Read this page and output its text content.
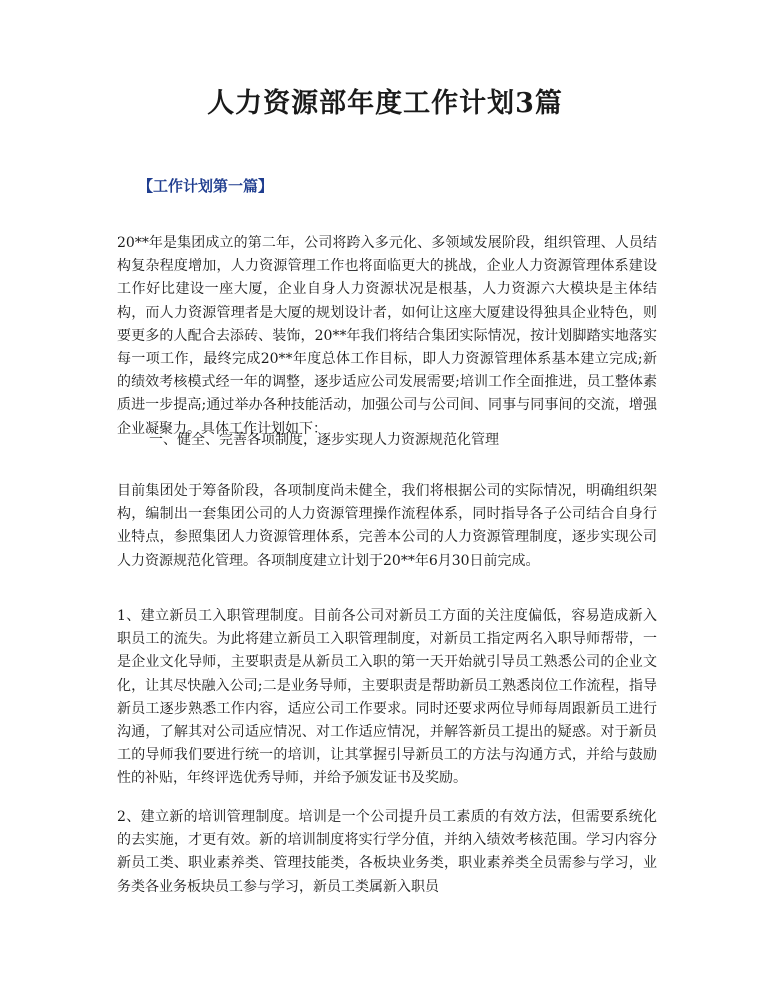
人力资源部年度工作计划3篇
【工作计划第一篇】

20**年是集团成立的第二年，公司将跨入多元化、多领域发展阶段，组织管理、人员结构复杂程度增加，人力资源管理工作也将面临更大的挑战，企业人力资源管理体系建设工作好比建设一座大厦，企业自身人力资源状况是根基，人力资源六大模块是主体结构，而人力资源管理者是大厦的规划设计者，如何让这座大厦建设得独具企业特色，则要更多的人配合去添砖、装饰，20**年我们将结合集团实际情况，按计划脚踏实地落实每一项工作，最终完成20**年度总体工作目标，即人力资源管理体系基本建立完成;新的绩效考核模式经一年的调整，逐步适应公司发展需要;培训工作全面推进，员工整体素质进一步提高;通过举办各种技能活动，加强公司与公司间、同事与同事间的交流，增强企业凝聚力。具体工作计划如下：

一、健全、完善各项制度，逐步实现人力资源规范化管理

目前集团处于筹备阶段，各项制度尚未健全，我们将根据公司的实际情况，明确组织架构，编制出一套集团公司的人力资源管理操作流程体系，同时指导各子公司结合自身行业特点，参照集团人力资源管理体系，完善本公司的人力资源管理制度，逐步实现公司人力资源规范化管理。各项制度建立计划于20**年6月30日前完成。

1、建立新员工入职管理制度。目前各公司对新员工方面的关注度偏低，容易造成新入职员工的流失。为此将建立新员工入职管理制度，对新员工指定两名入职导师帮带，一是企业文化导师，主要职责是从新员工入职的第一天开始就引导员工熟悉公司的企业文化，让其尽快融入公司;二是业务导师，主要职责是帮助新员工熟悉岗位工作流程，指导新员工逐步熟悉工作内容，适应公司工作要求。同时还要求两位导师每周跟新员工进行沟通，了解其对公司适应情况、对工作适应情况，并解答新员工提出的疑惑。对于新员工的导师我们要进行统一的培训，让其掌握引导新员工的方法与沟通方式，并给与鼓励性的补贴，年终评选优秀导师，并给予颁发证书及奖励。

2、建立新的培训管理制度。培训是一个公司提升员工素质的有效方法，但需要系统化的去实施，才更有效。新的培训制度将实行学分值，并纳入绩效考核范围。学习内容分新员工类、职业素养类、管理技能类，各板块业务类，职业素养类全员需参与学习，业务类各业务板块员工参与学习，新员工类属新入职员
